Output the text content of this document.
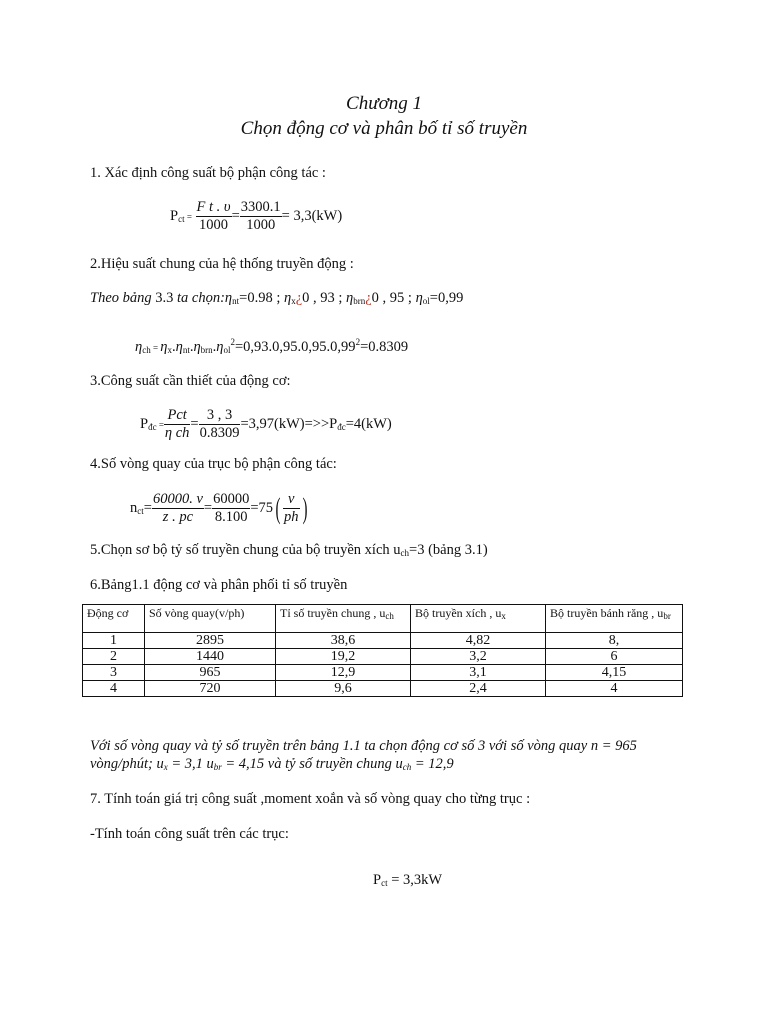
Chương 1
Chọn động cơ và phân bố tỉ số truyền
1. Xác định công suất bộ phận công tác :
$P_{ct} = \frac{\text{F t . υ}}{1000} = \frac{3300.1}{1000} = 3,3(kW)$
2.Hiệu suất chung của hệ thống truyền động :
Theo bảng 3.3 ta $chọn:\eta_{nt}=0.98$ ; $\eta_x¿0$ , 93 ; $\eta_{brn}¿0$ , 95 ; $\eta_{ol}=0,99$
$\eta_{ch} = \eta_x.\eta_{nt}.\eta_{brn}.\eta_{ol}^2=0,93.0,95.0,95.0,99^2=0.8309$
3.Công suất cần thiết của động cơ:
$P_{đc} = \frac{\text{Pct}}{\text{η ch}} = \frac{3 , 3}{0.8309} =3,97(kW)=>>P_{đc}=4(kW)$
4.Số vòng quay của trục bộ phận công tác:
$n_{ct}= \frac{60000. v}{z . pc} = \frac{60000}{8.100} =75( \frac{v}{ph}$ )
5.Chọn sơ bộ tỷ số truyền chung của bộ truyền xích $u_{ch}=3$ (bảng 3.1)
6.Bảng1.1 động cơ và phân phối tỉ số truyền
Động cơ	Số vòng quay(v/ph)	Tỉ số truyền chung , $u_{ch}$	Bộ truyền xích , $u_x$	Bộ truyền bánh răng , $u_{br}$
1	2895	38,6	4,82	8,
2	1440	19,2	3,2	6
3	965	12,9	3,1	4,15
4	720	9,6	2,4	4
Với số vòng quay và tỷ số truyền trên bảng 1.1 ta chọn động cơ số 3 với số vòng quay n = 965
vòng/phút; $u_x = 3,1$ $u_{br} = 4,15$ và tỷ số truyền chung $u_{ch} = 12,9$
7. Tính toán giá trị công suất ,moment xoắn và số vòng quay cho từng trục :
-Tính toán công suất trên các trục:
$P_{ct} = 3,3kW$
